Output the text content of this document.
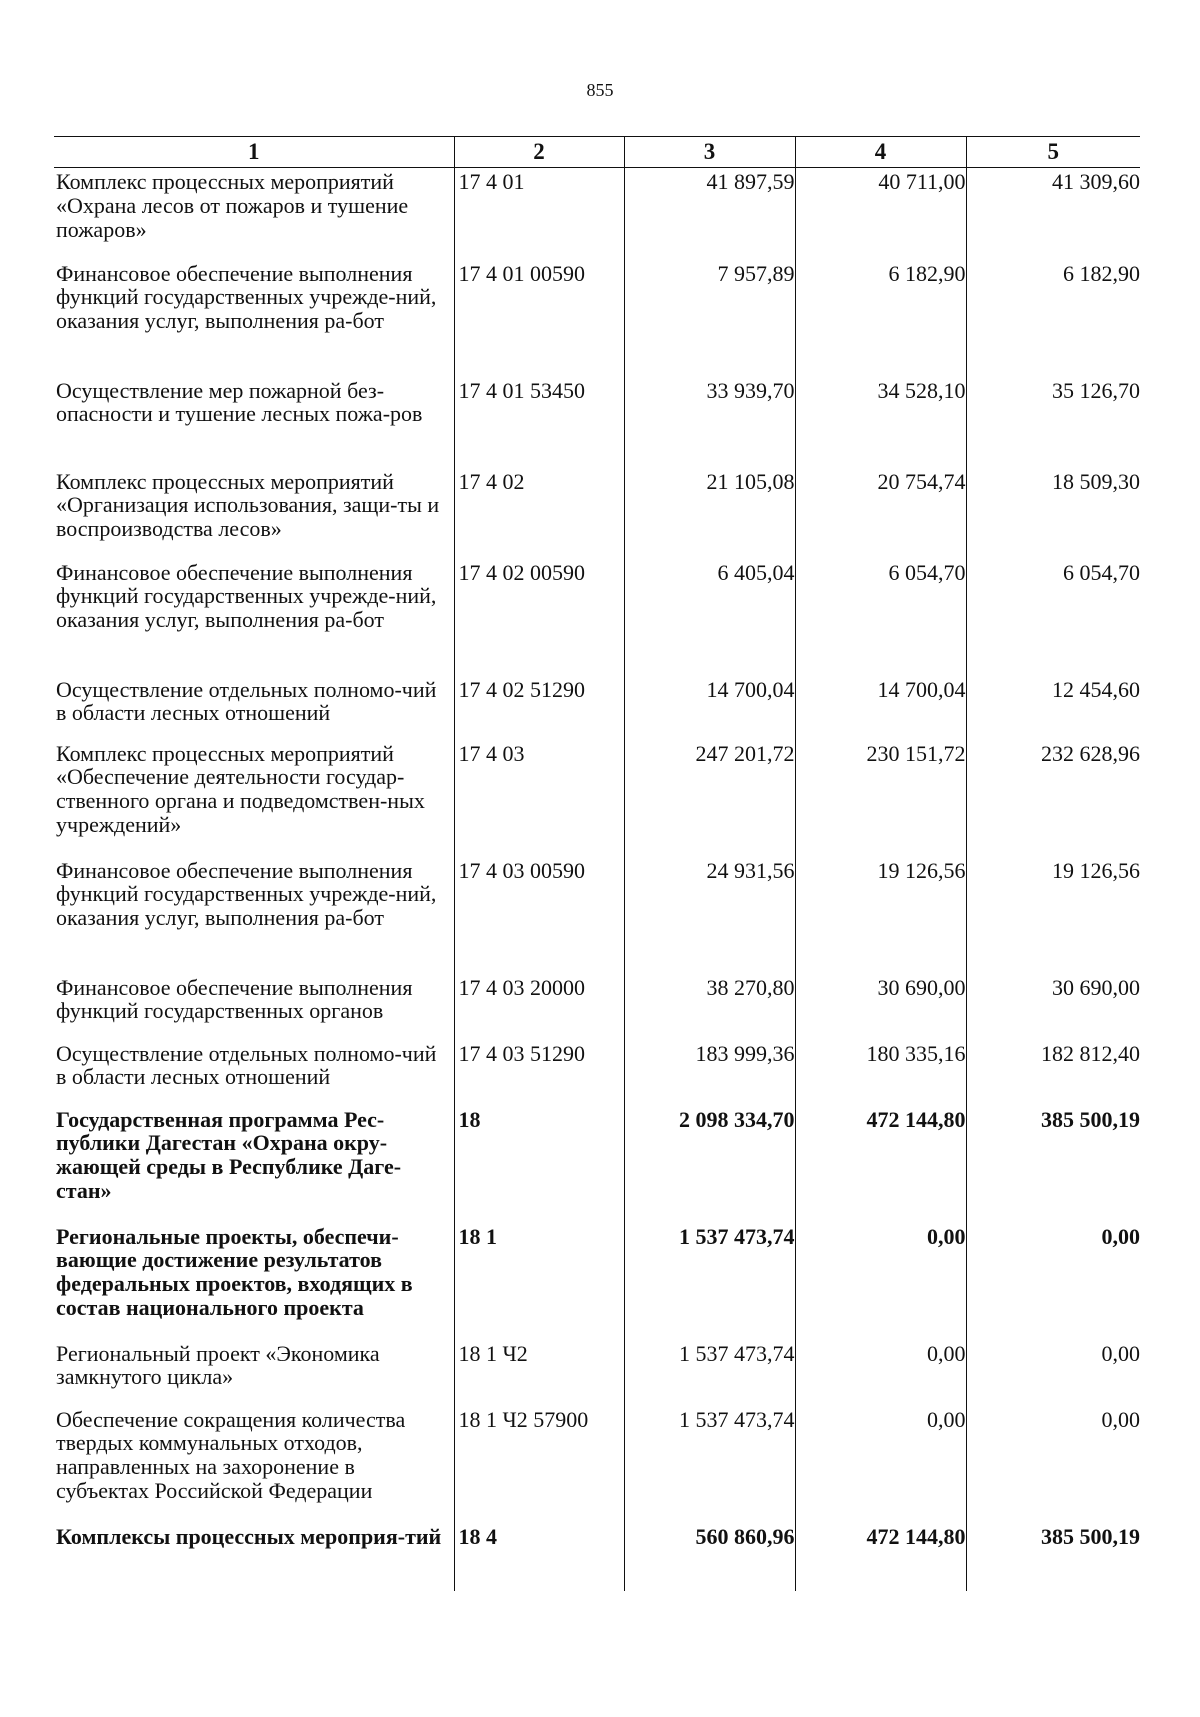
855
1	2	3	4	5
Комплекс процессных мероприятий «Охрана лесов от пожаров и тушение пожаров»	17 4 01	41 897,59	40 711,00	41 309,60
Финансовое обеспечение выполнения функций государственных учрежде-ний, оказания услуг, выполнения ра-бот	17 4 01 00590	7 957,89	6 182,90	6 182,90
Осуществление мер пожарной без-опасности и тушение лесных пожа-ров	17 4 01 53450	33 939,70	34 528,10	35 126,70
Комплекс процессных мероприятий «Организация использования, защи-ты и воспроизводства лесов»	17 4 02	21 105,08	20 754,74	18 509,30
Финансовое обеспечение выполнения функций государственных учрежде-ний, оказания услуг, выполнения ра-бот	17 4 02 00590	6 405,04	6 054,70	6 054,70
Осуществление отдельных полномо-чий в области лесных отношений	17 4 02 51290	14 700,04	14 700,04	12 454,60
Комплекс процессных мероприятий «Обеспечение деятельности государ-ственного органа и подведомствен-ных учреждений»	17 4 03	247 201,72	230 151,72	232 628,96
Финансовое обеспечение выполнения функций государственных учрежде-ний, оказания услуг, выполнения ра-бот	17 4 03 00590	24 931,56	19 126,56	19 126,56
Финансовое обеспечение выполнения функций государственных органов	17 4 03 20000	38 270,80	30 690,00	30 690,00
Осуществление отдельных полномо-чий в области лесных отношений	17 4 03 51290	183 999,36	180 335,16	182 812,40
Государственная программа Рес-публики Дагестан «Охрана окру-жающей среды в Республике Даге-стан»	18	2 098 334,70	472 144,80	385 500,19
Региональные проекты, обеспечи-вающие достижение результатов федеральных проектов, входящих в состав национального проекта	18 1	1 537 473,74	0,00	0,00
Региональный проект «Экономика замкнутого цикла»	18 1 Ч2	1 537 473,74	0,00	0,00
Обеспечение сокращения количества твердых коммунальных отходов, направленных на захоронение в субъектах Российской Федерации	18 1 Ч2 57900	1 537 473,74	0,00	0,00
Комплексы процессных мероприя-тий	18 4	560 860,96	472 144,80	385 500,19
